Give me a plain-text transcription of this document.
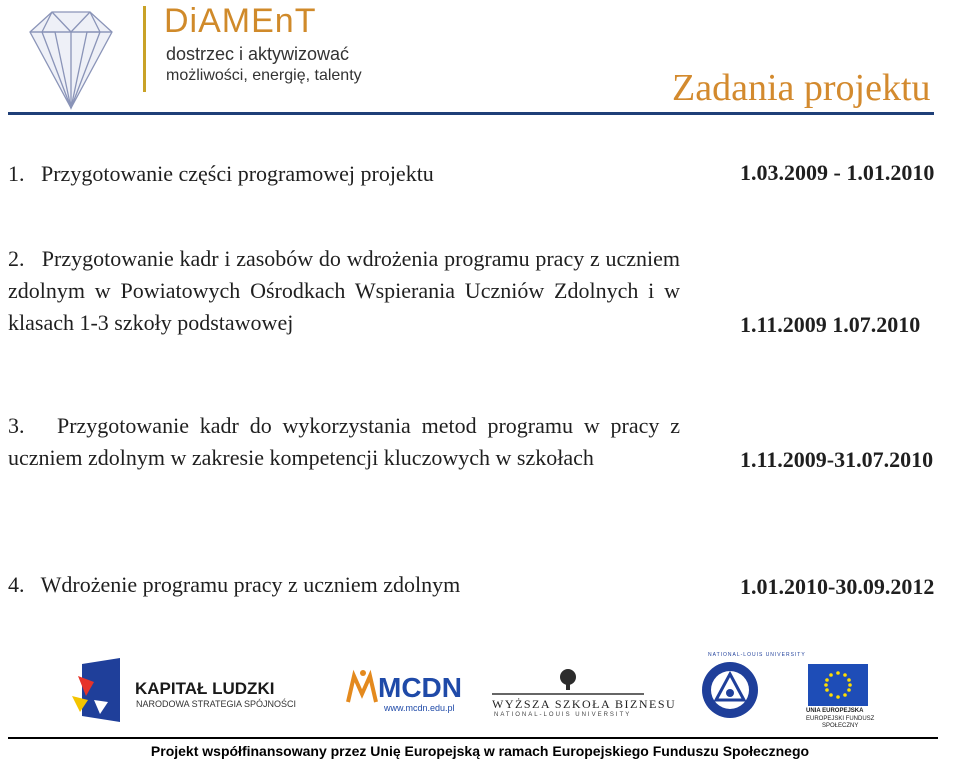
DiAMEnT
dostrzec i aktywizować
możliwości, energię, talenty	Zadania projektu
1. Przygotowanie części programowej projektu	1.03.2009 - 1.01.2010
2. Przygotowanie kadr i zasobów do wdrożenia programu pracy z uczniem zdolnym w Powiatowych Ośrodkach Wspierania Uczniów Zdolnych i w klasach 1-3 szkoły podstawowej	1.11.2009 1.07.2010
3. Przygotowanie kadr do wykorzystania metod programu w pracy z uczniem zdolnym w zakresie kompetencji kluczowych w szkołach	1.11.2009-31.07.2010
4. Wdrożenie programu pracy z uczniem zdolnym	1.01.2010-30.09.2012
KAPITAŁ LUDZKI
NARODOWA STRATEGIA SPÓJNOŚCI
MCDN
www.mcdn.edu.pl	WYŻSZA SZKOŁA BIZNESU
NATIONAL-LOUIS UNIVERSITY
NATIONAL-LOUIS UNIVERSITY
1886	UNIA EUROPEJSKA
EUROPEJSKI FUNDUSZ
SPOŁECZNY
Projekt współfinansowany przez Unię Europejską w ramach Europejskiego Funduszu Społecznego
